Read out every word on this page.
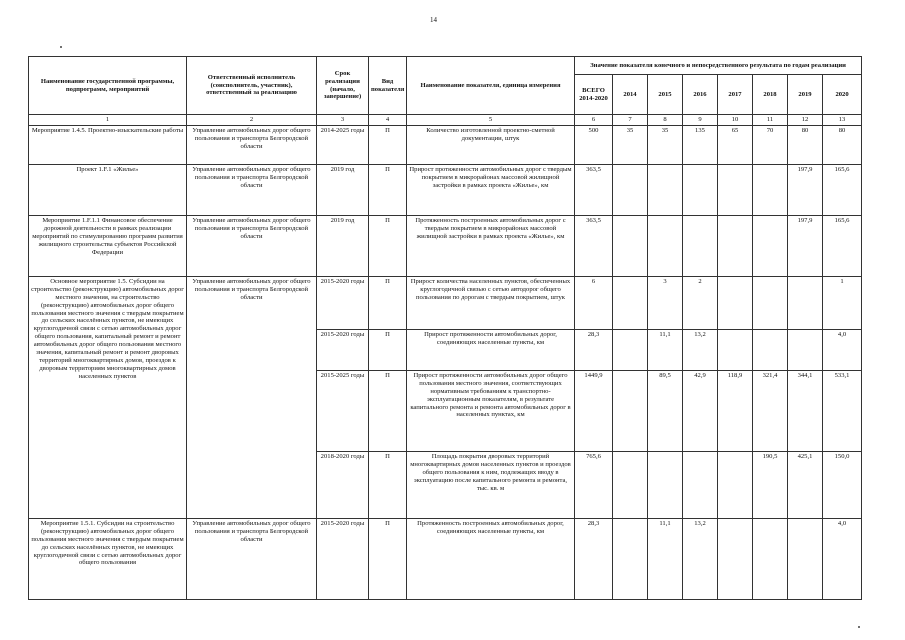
14
Наименование государственной программы, подпрограмм, мероприятий	Ответственный исполнитель (соисполнитель, участник), ответственный за реализацию	Срок реализации (начало, завершение)	Вид показателя	Наименование показателя, единица измерения	Значение показателя конечного и непосредственного результата по годам реализации							
					ВСЕГО 2014-2020	2014	2015	2016	2017	2018	2019	2020
1	2	3	4	5	6	7	8	9	10	11	12	13
Мероприятие 1.4.5. Проектно-изыскательские работы	Управление автомобильных дорог общего пользования и транспорта Белгородской области	2014-2025 годы	П	Количество изготовленной проектно-сметной документации, штук	500	35	35	135	65	70	80	80
Проект 1.F.1 «Жилье»	Управление автомобильных дорог общего пользования и транспорта Белгородской области	2019 год	П	Прирост протяженности автомобильных дорог с твердым покрытием в микрорайонах массовой жилищной застройки в рамках проекта «Жилье», км	363,5						197,9	165,6
Мероприятие 1.F.1.1 Финансовое обеспечение дорожной деятельности в рамках реализации мероприятий по стимулированию программ развития жилищного строительства субъектов Российской Федерации	Управление автомобильных дорог общего пользования и транспорта Белгородской области	2019 год	П	Протяженность построенных автомобильных дорог с твердым покрытием в микрорайонах массовой жилищной застройки в рамках проекта «Жилье», км	363,5						197,9	165,6
Основное мероприятие 1.5. Субсидии на строительство (реконструкцию) автомобильных дорог местного значения, на строительство (реконструкцию) автомобильных дорог общего пользования местного значения с твердым покрытием до сельских населённых пунктов, не имеющих круглогодичной связи с сетью автомобильных дорог общего пользования, капитальный ремонт и ремонт автомобильных дорог общего пользования местного значения, капитальный ремонт и ремонт дворовых территорий многоквартирных домов, проездов к дворовым территориям многоквартирных домов населенных пунктов	Управление автомобильных дорог общего пользования и транспорта Белгородской области	2015-2020 годы	П	Прирост количества населенных пунктов, обеспеченных круглогодичной связью с сетью автодорог общего пользования по дорогам с твердым покрытием, штук	6		3	2				1
		2015-2020 годы	П	Прирост протяженности автомобильных дорог, соединяющих населенные пункты, км	28,3		11,1	13,2				4,0
		2015-2025 годы	П	Прирост протяженности автомобильных дорог общего пользования местного значения, соответствующих нормативным требованиям к транспортно-эксплуатационным показателям, в результате капитального ремонта и ремонта автомобильных дорог в населенных пунктах, км	1449,9		89,5	42,9	118,9	321,4	344,1	533,1
		2018-2020 годы	П	Площадь покрытия дворовых территорий многоквартирных домов населенных пунктов и проездов общего пользования к ним, подлежащих вводу в эксплуатацию после капитального ремонта и ремонта, тыс. кв. м	765,6					190,5	425,1	150,0
Мероприятие 1.5.1. Субсидии на строительство (реконструкцию) автомобильных дорог общего пользования местного значения с твердым покрытием до сельских населённых пунктов, не имеющих круглогодичной связи с сетью автомобильных дорог общего пользования	Управление автомобильных дорог общего пользования и транспорта Белгородской области	2015-2020 годы	П	Протяженность построенных автомобильных дорог, соединяющих населенные пункты, км	28,3		11,1	13,2				4,0
